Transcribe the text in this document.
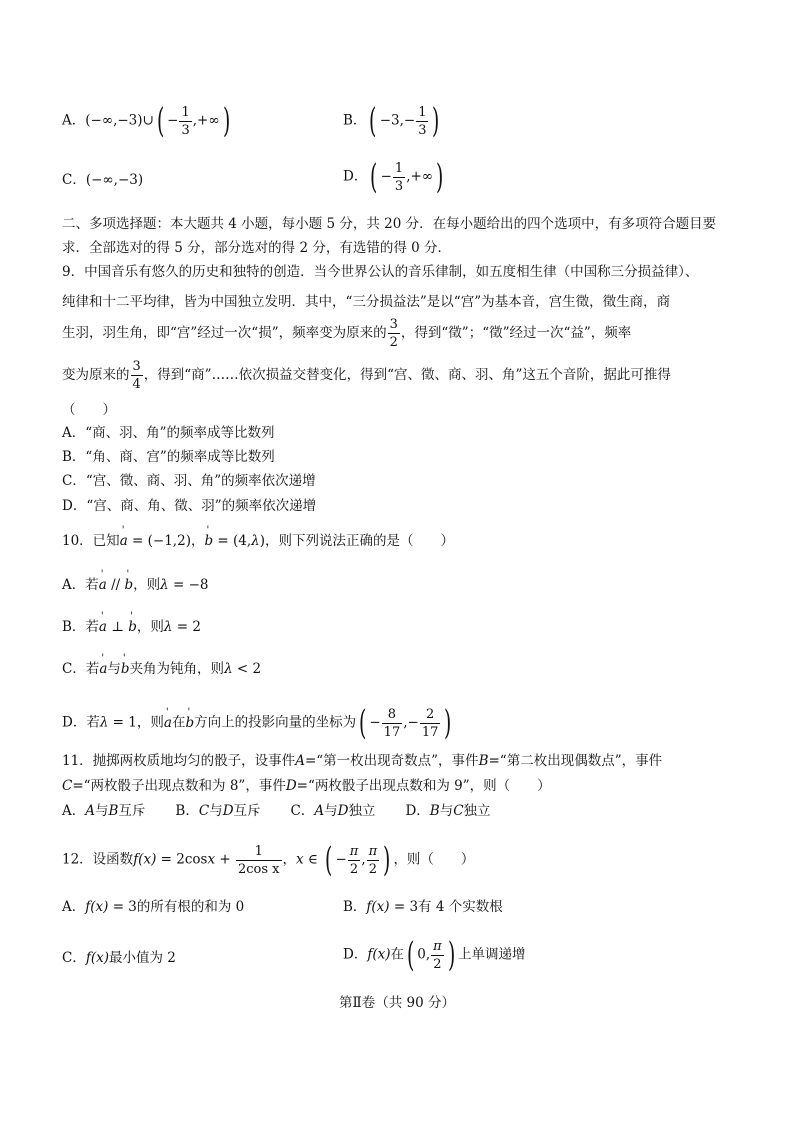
A．(−∞,−3)∪( − $\frac{1}{3}$ ,+∞)	B．( $-3,- \frac{1}{3}$ )
C．(−∞,−3)	D．( − $\frac{1}{3}$ ,+∞)
二、多项选择题：本大题共 4 小题，每小题 5 分，共 20 分．在每小题给出的四个选项中，有多项符合题目要
求．全部选对的得 5 分，部分选对的得 2 分，有选错的得 0 分．
9．中国音乐有悠久的历史和独特的创造．当今世界公认的音乐律制，如五度相生律（中国称三分损益律）、
纯律和十二平均律，皆为中国独立发明．其中，“三分损益法”是以“宫”为基本音，宫生徵，徵生商，商
生羽，羽生角，即“宫”经过一次“损”，频率变为原来的 $\frac{3}{2}$ ，得到“徵”；“徵”经过一次“益”，频率
变为原来的 $\frac{3}{4}$ ，得到“商”……依次损益交替变化，得到“宫、徵、商、羽、角”这五个音阶，据此可推得
（　　）
A．“商、羽、角”的频率成等比数列
B．“角、商、宫”的频率成等比数列
C．“宫、徵、商、羽、角”的频率依次递增
D．“宫、商、角、徵、羽”的频率依次递增
10．已知' a = (−1,2)，' b = (4,λ)，则下列说法正确的是（　　）
A．若' a // ' b，则λ = −8
B．若' a ⊥ ' b，则λ = 2
C．若' a与' b夹角为钝角，则λ < 2
D．若λ = 1，则' a在' b方向上的投影向量的坐标为( − $\frac{8}{17}$ ,− $\frac{2}{17}$ )
11．抛掷两枚质地均匀的骰子，设事件A=“第一枚出现奇数点”，事件B=“第二枚出现偶数点”，事件
C=“两枚骰子出现点数和为 8”，事件D=“两枚骰子出现点数和为 9”，则（　　）
A．A与B互斥 B．C与D互斥 C．A与D独立 D．B与C独立
12．设函数$f(x) = 2\cos x + \frac{1}{\text{2cos x}}$ ，x ∈ ( − $\frac{\pi}{2}$ , $\frac{\pi}{2}$ ) ，则（　　）
A．f(x) = 3的所有根的和为 0	B．f(x) = 3有 4 个实数根
C．f(x)最小值为 2	D．f(x)在( 0, $\frac{\pi}{2}$ ) 上单调递增
第Ⅱ卷（共 90 分）
